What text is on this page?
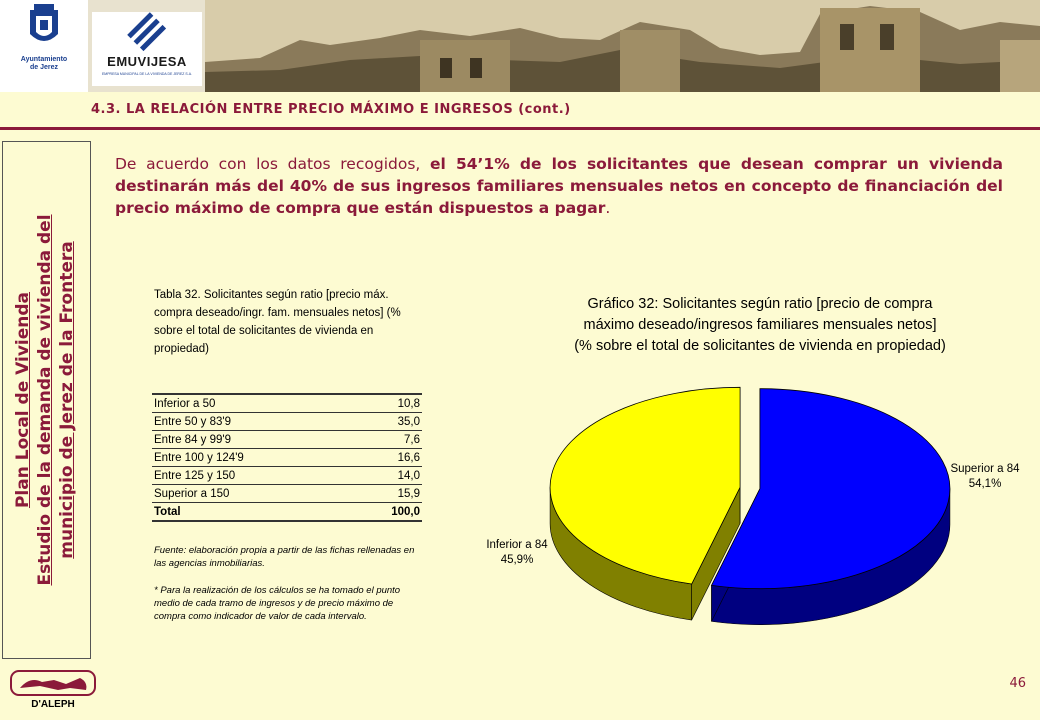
Ayuntamiento
de Jerez	EMUVIJESA
EMPRESA MUNICIPAL DE LA VIVIENDA DE JEREZ S.A.
4.3. LA RELACIÓN ENTRE PRECIO MÁXIMO E INGRESOS (cont.)
Plan Local de Vivienda Estudio de la demanda de vivienda del municipio de Jerez de la Frontera
De acuerdo con los datos recogidos, el 54’1% de los solicitantes que desean comprar un vivienda destinarán más del 40% de sus ingresos familiares mensuales netos en concepto de financiación del precio máximo de compra que están dispuestos a pagar.
Tabla 32. Solicitantes según ratio [precio máx. compra deseado/ingr. fam. mensuales netos] (% sobre el total de solicitantes de vivienda en propiedad)
Inferior a 50	10,8
Entre 50 y 83'9	35,0
Entre 84 y 99'9	7,6
Entre 100 y 124'9	16,6
Entre 125 y 150	14,0
Superior a 150	15,9
Total	100,0
Fuente: elaboración propia a partir de las fichas rellenadas en las agencias inmobiliarias.
* Para la realización de los cálculos se ha tomado el punto medio de cada tramo de ingresos y de precio máximo de compra como indicador de valor de cada intervalo.
Gráfico 32: Solicitantes según ratio [precio de compra
máximo deseado/ingresos familiares mensuales netos]
(% sobre el total de solicitantes de vivienda en propiedad)
Superior a 84
54,1%
Inferior a 84
45,9%
D'ALEPH
46
